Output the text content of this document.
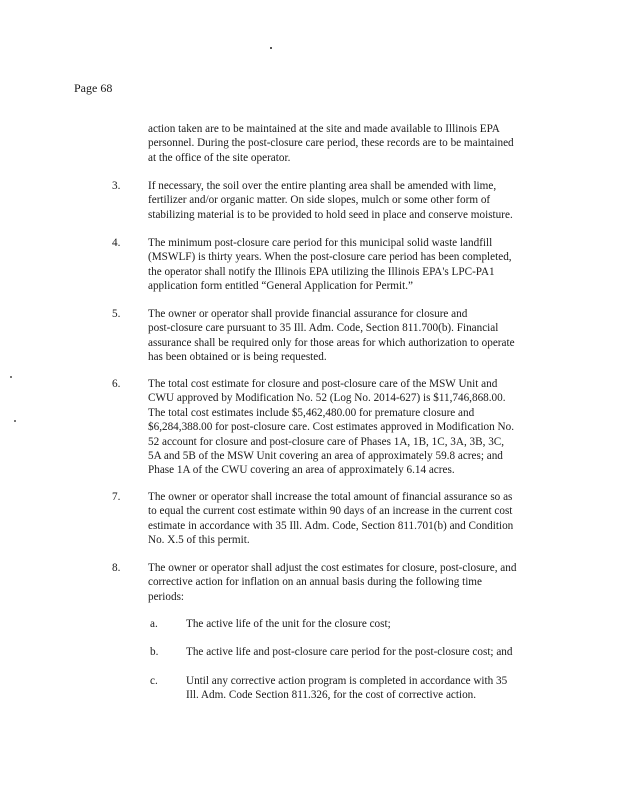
Page 68
action taken are to be maintained at the site and made available to Illinois EPA
personnel. During the post-closure care period, these records are to be maintained
at the office of the site operator.
3. If necessary, the soil over the entire planting area shall be amended with lime,
fertilizer and/or organic matter. On side slopes, mulch or some other form of
stabilizing material is to be provided to hold seed in place and conserve moisture.
4. The minimum post-closure care period for this municipal solid waste landfill
(MSWLF) is thirty years. When the post-closure care period has been completed,
the operator shall notify the Illinois EPA utilizing the Illinois EPA's LPC-PA1
application form entitled “General Application for Permit.”
5. The owner or operator shall provide financial assurance for closure and
post-closure care pursuant to 35 Ill. Adm. Code, Section 811.700(b). Financial
assurance shall be required only for those areas for which authorization to operate
has been obtained or is being requested.
6. The total cost estimate for closure and post-closure care of the MSW Unit and
CWU approved by Modification No. 52 (Log No. 2014-627) is $11,746,868.00.
The total cost estimates include $5,462,480.00 for premature closure and
$6,284,388.00 for post-closure care. Cost estimates approved in Modification No.
52 account for closure and post-closure care of Phases 1A, 1B, 1C, 3A, 3B, 3C,
5A and 5B of the MSW Unit covering an area of approximately 59.8 acres; and
Phase 1A of the CWU covering an area of approximately 6.14 acres.
7. The owner or operator shall increase the total amount of financial assurance so as
to equal the current cost estimate within 90 days of an increase in the current cost
estimate in accordance with 35 Ill. Adm. Code, Section 811.701(b) and Condition
No. X.5 of this permit.
8. The owner or operator shall adjust the cost estimates for closure, post-closure, and
corrective action for inflation on an annual basis during the following time
periods:
a.	The active life of the unit for the closure cost;
b. The active life and post-closure care period for the post-closure cost; and
c.	Until any corrective action program is completed in accordance with 35
Ill. Adm. Code Section 811.326, for the cost of corrective action.
